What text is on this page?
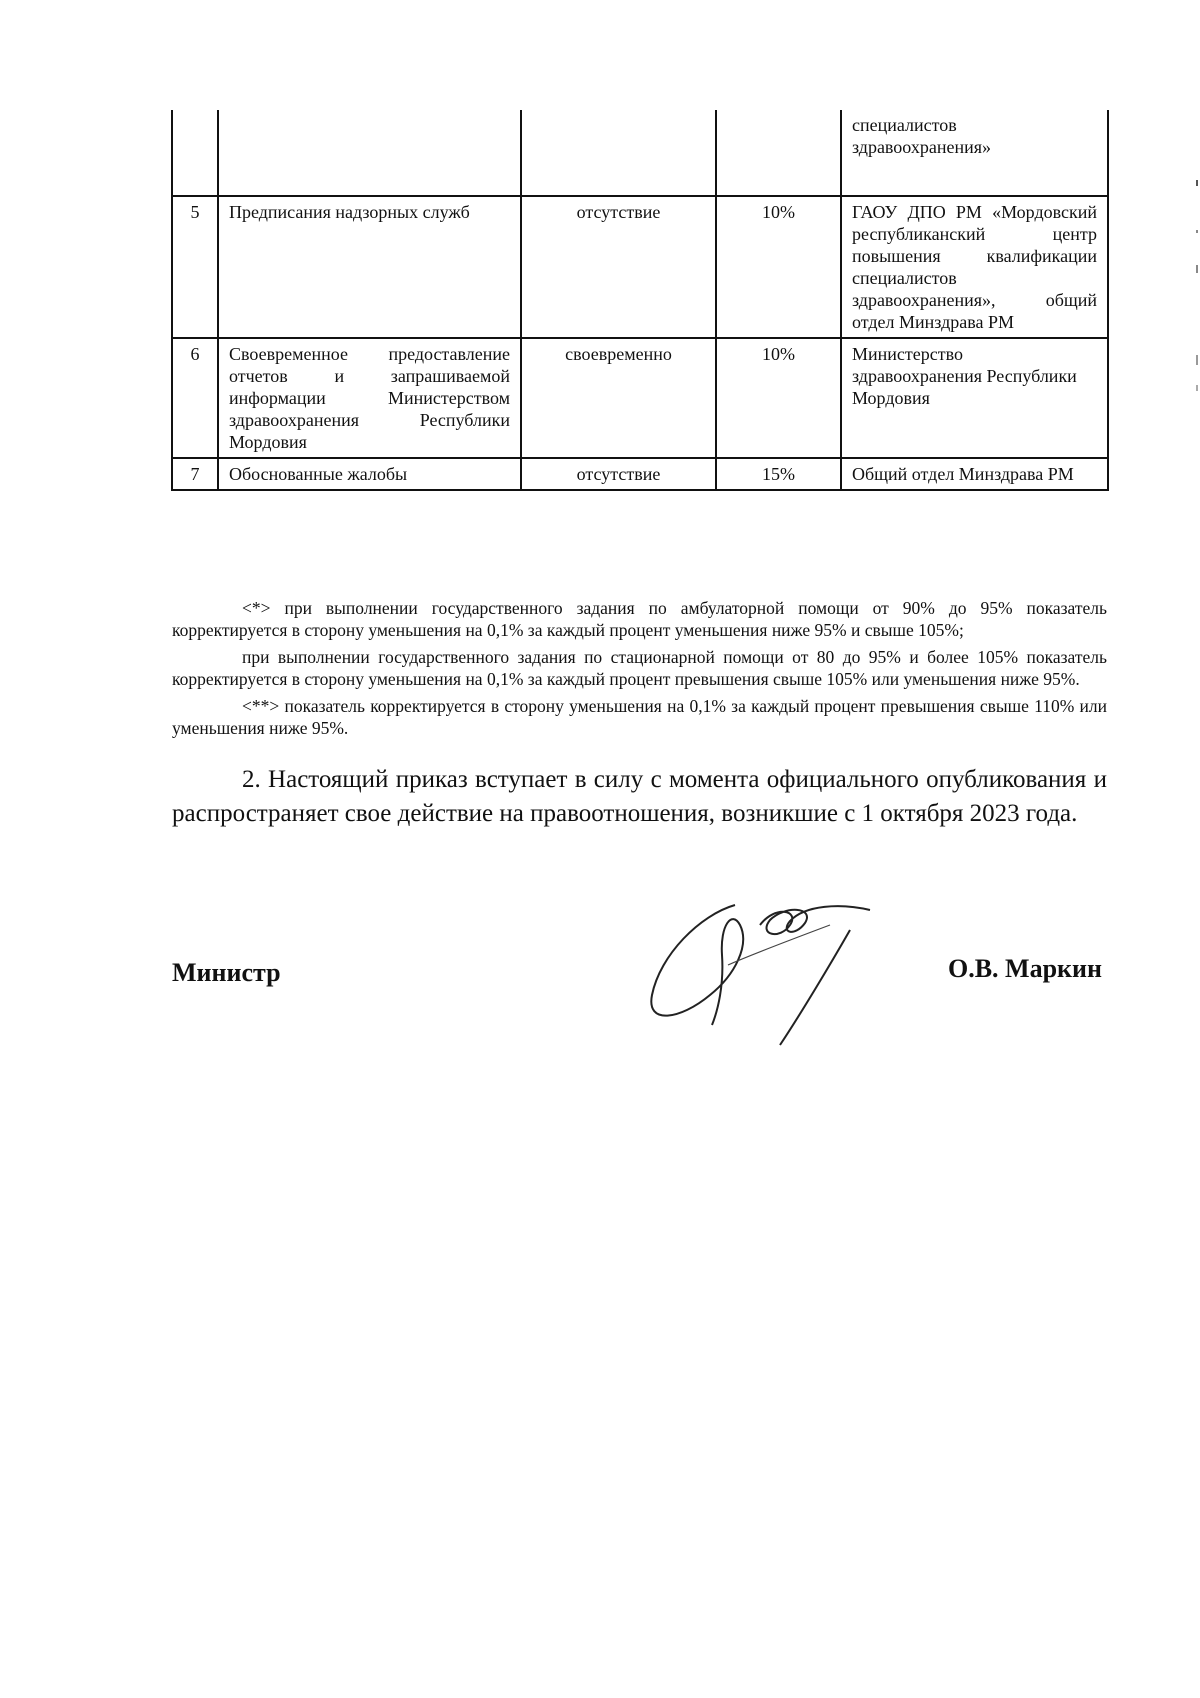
				специалистов здравоохранения»
5	Предписания надзорных служб	отсутствие	10%	ГАОУ ДПО РМ «Мордовский республиканский центр повышения квалификации специалистов здравоохранения», общий отдел Минздрава РМ
6	Своевременное предоставление отчетов и запрашиваемой информации Министерством здравоохранения Республики Мордовия	своевременно	10%	Министерство здравоохранения Республики Мордовия
7	Обоснованные жалобы	отсутствие	15%	Общий отдел Минздрава РМ

<*> при выполнении государственного задания по амбулаторной помощи от 90% до 95% показатель корректируется в сторону уменьшения на 0,1% за каждый процент уменьшения ниже 95% и свыше 105%;

при выполнении государственного задания по стационарной помощи от 80 до 95% и более 105% показатель корректируется в сторону уменьшения на 0,1% за каждый процент превышения свыше 105% или уменьшения ниже 95%.

<**> показатель корректируется в сторону уменьшения на 0,1% за каждый процент превышения свыше 110% или уменьшения ниже 95%.

2. Настоящий приказ вступает в силу с момента официального опубликования и распространяет свое действие на правоотношения, возникшие с 1 октября 2023 года.

Министр	О.В. Маркин
